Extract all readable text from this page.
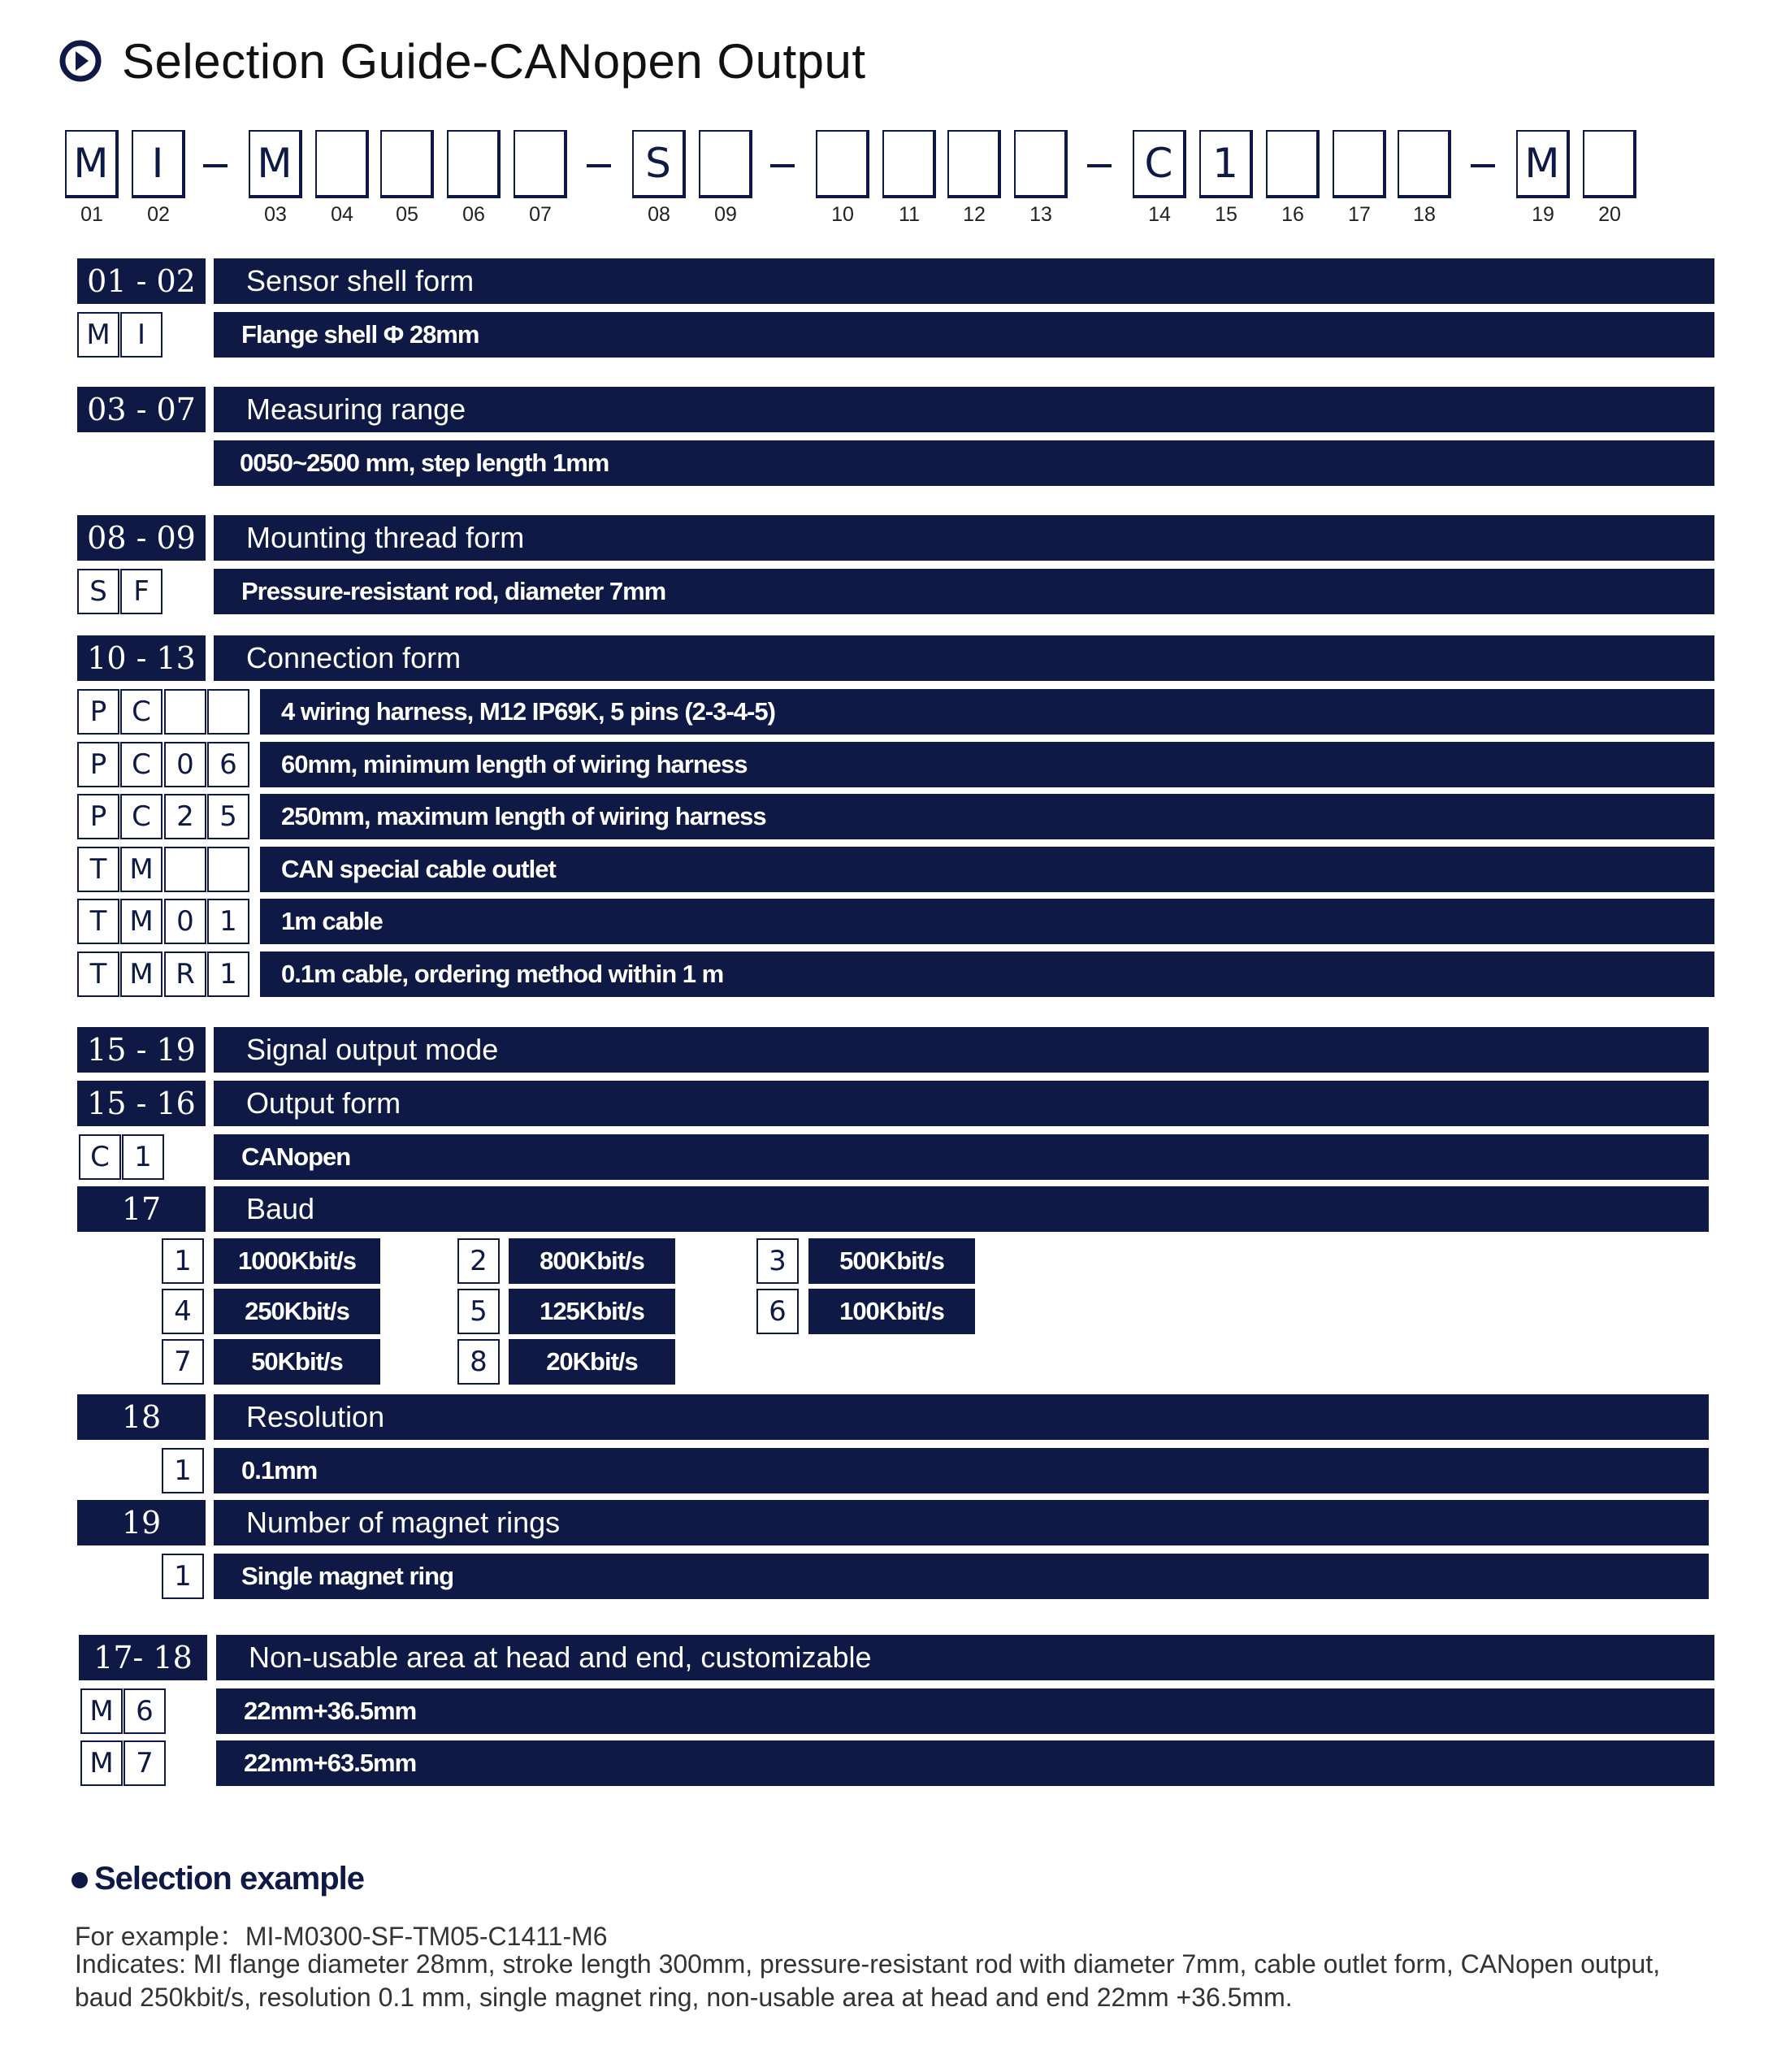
Selection Guide-CANopen Output
M
01
I
02
M
03	04	05	06	07
S
08	09	10	11	12	13
C
14
1
15	16	17	18
M
19	20
01 - 02	Sensor shell form
M I	Flange shell Φ 28mm
03 - 07	Measuring range
0050~2500 mm, step length 1mm
08 - 09	Mounting thread form
S F	Pressure-resistant rod, diameter 7mm
10 - 13	Connection form
P C	4 wiring harness, M12 IP69K, 5 pins (2-3-4-5)
P C 0 6	60mm, minimum length of wiring harness
P C 2 5	250mm, maximum length of wiring harness
T M	CAN special cable outlet
T M 0 1	1m cable
T M R 1	0.1m cable, ordering method within 1 m
15 - 19	Signal output mode
15 - 16	Output form
C 1	CANopen
17	Baud
1	1000Kbit/s	2	800Kbit/s	3	500Kbit/s
4	250Kbit/s	5	125Kbit/s	6	100Kbit/s
7	50Kbit/s	8	20Kbit/s
18	Resolution
1	0.1mm
19	Number of magnet rings
1	Single magnet ring
17- 18	Non-usable area at head and end, customizable
M 6	22mm+36.5mm
M 7	22mm+63.5mm
Selection example
For example：MI-M0300-SF-TM05-C1411-M6
Indicates: MI flange diameter 28mm, stroke length 300mm, pressure-resistant rod with diameter 7mm, cable outlet form, CANopen output,
baud 250kbit/s, resolution 0.1 mm, single magnet ring, non-usable area at head and end 22mm +36.5mm.
